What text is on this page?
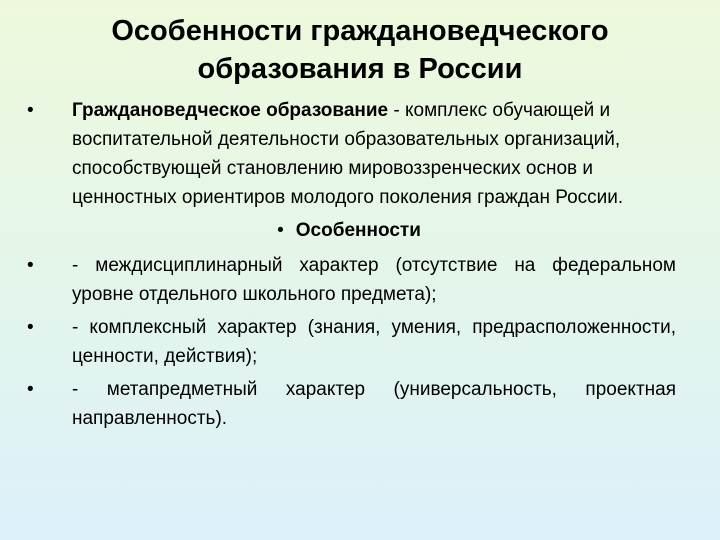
Особенности граждановедческого
образования в России
• Граждановедческое образование - комплекс обучающей и воспитательной деятельности образовательных организаций, способствующей становлению мировоззренческих основ и ценностных ориентиров молодого поколения граждан России.
• Особенности
• - междисциплинарный характер (отсутствие на федеральном уровне отдельного школьного предмета);
• - комплексный характер (знания, умения, предрасположенности, ценности, действия);
• - метапредметный характер (универсальность, проектная направленность).
